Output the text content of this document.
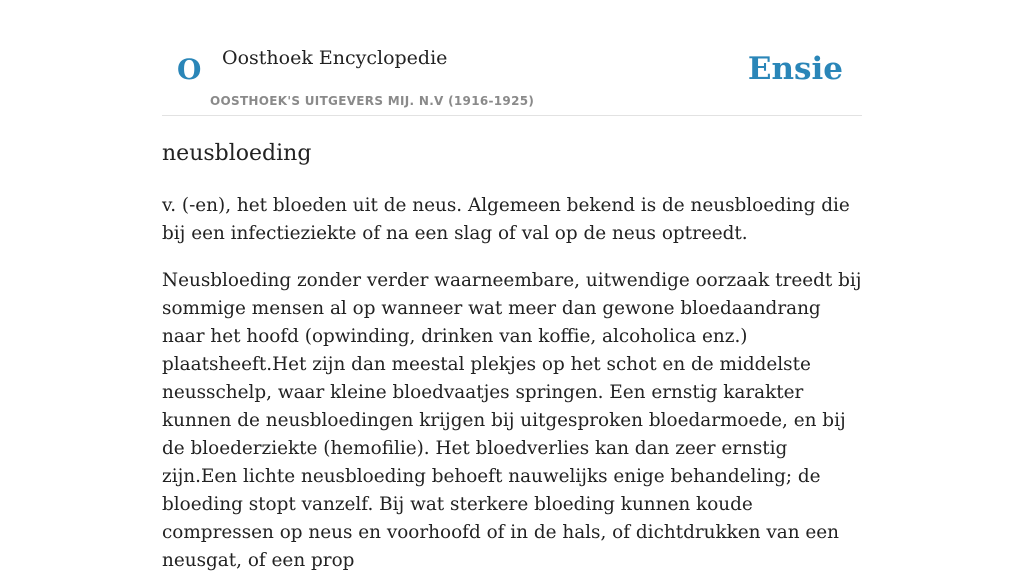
O Oosthoek Encyclopedie
OOSTHOEK'S UITGEVERS MIJ. N.V (1916-1925)
Ensie
neusbloeding

v. (-en), het bloeden uit de neus. Algemeen bekend is de neusbloeding die bij een infectieziekte of na een slag of val op de neus optreedt.

Neusbloeding zonder verder waarneembare, uitwendige oorzaak treedt bij sommige mensen al op wanneer wat meer dan gewone bloedaandrang naar het hoofd (opwinding, drinken van koffie, alcoholica enz.) plaatsheeft.Het zijn dan meestal plekjes op het schot en de middelste neusschelp, waar kleine bloedvaatjes springen. Een ernstig karakter kunnen de neusbloedingen krijgen bij uitgesproken bloedarmoede, en bij de bloederziekte (hemofilie). Het bloedverlies kan dan zeer ernstig zijn.Een lichte neusbloeding behoeft nauwelijks enige behandeling; de bloeding stopt vanzelf. Bij wat sterkere bloeding kunnen koude compressen op neus en voorhoofd of in de hals, of dichtdrukken van een neusgat, of een prop
